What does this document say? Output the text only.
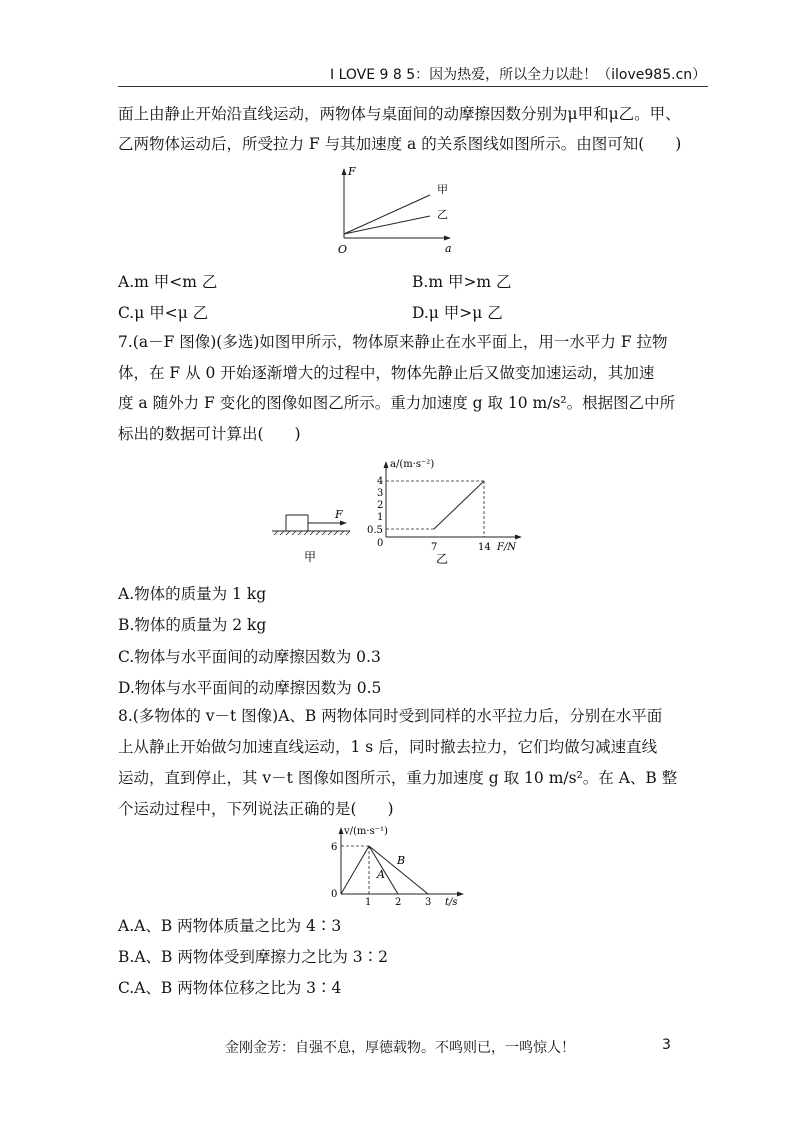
I LOVE 9 8 5：因为热爱，所以全力以赴！（ilove985.cn）
面上由静止开始沿直线运动，两物体与桌面间的动摩擦因数分别为μ甲和μ乙。甲、
乙两物体运动后，所受拉力 F 与其加速度 a 的关系图线如图所示。由图可知(　　)
F
a
O
甲
乙
A.m 甲<m 乙	B.m 甲>m 乙
C.μ 甲<μ 乙	D.μ 甲>μ 乙
7.(a－F 图像)(多选)如图甲所示，物体原来静止在水平面上，用一水平力 F 拉物
体，在 F 从 0 开始逐渐增大的过程中，物体先静止后又做变加速运动，其加速
度 a 随外力 F 变化的图像如图乙所示。重力加速度 g 取 10 m/s²。根据图乙中所
标出的数据可计算出(　　)
F
甲
a/(m·s⁻²)
F/N
4
3
2
1
0.5
0	7	14
乙
A.物体的质量为 1 kg
B.物体的质量为 2 kg
C.物体与水平面间的动摩擦因数为 0.3
D.物体与水平面间的动摩擦因数为 0.5
8.(多物体的 v－t 图像)A、B 两物体同时受到同样的水平拉力后，分别在水平面
上从静止开始做匀加速直线运动，1 s 后，同时撤去拉力，它们均做匀减速直线
运动，直到停止，其 v－t 图像如图所示，重力加速度 g 取 10 m/s²。在 A、B 整
个运动过程中，下列说法正确的是(　　)
v/(m·s⁻¹)
t/s
6
0
1 2 3
A
B
A.A、B 两物体质量之比为 4∶3
B.A、B 两物体受到摩擦力之比为 3∶2
C.A、B 两物体位移之比为 3∶4
金刚金芳：自强不息，厚德载物。不鸣则已，一鸣惊人！	3
